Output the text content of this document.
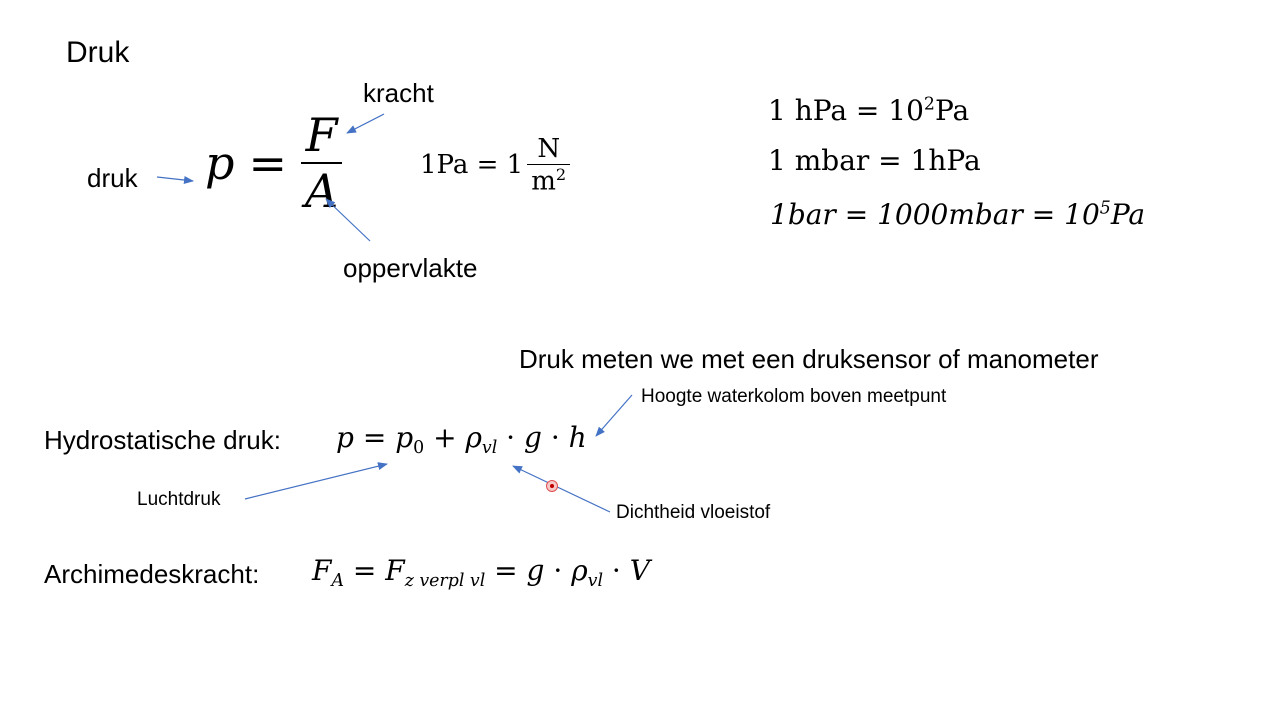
Druk
kracht
druk
oppervlakte
$p = \frac{F}{A}$	$1Pa = 1 \frac{N}{m^2}$
1 hPa = $10^2Pa$
1 mbar = 1hPa
1bar = 1000mbar = $10^5Pa$
Druk meten we met een druksensor of manometer
Hydrostatische druk: $p = p_0 + \rho_{vl} \cdot g \cdot h$
Hoogte waterkolom boven meetpunt
Luchtdruk
Dichtheid vloeistof
Archimedeskracht: $F_A = F_{z verpl vl} = g \cdot \rho_{vl} \cdot V$
